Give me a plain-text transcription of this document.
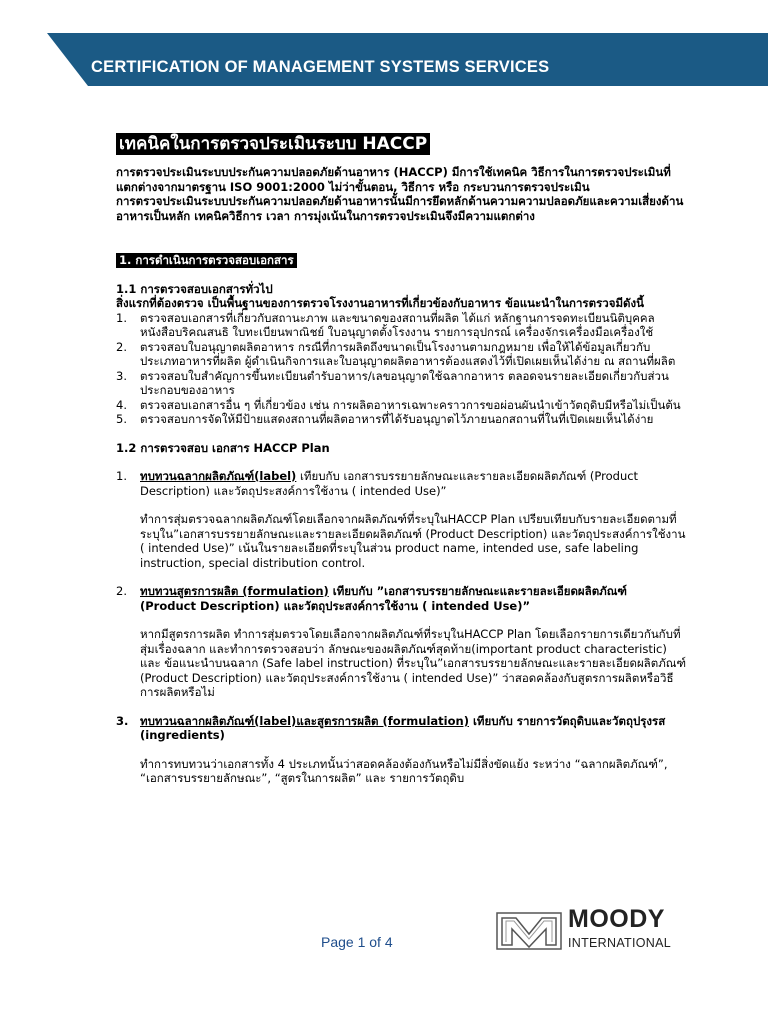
CERTIFICATION OF MANAGEMENT SYSTEMS SERVICES
เทคนิคในการตรวจประเมินระบบ HACCP

การตรวจประเมินระบบประกันความปลอดภัยด้านอาหาร (HACCP) มีการใช้เทคนิค วิธีการในการตรวจประเมินที่แตกต่างจากมาตรฐาน ISO 9001:2000 ไม่ว่าขั้นตอน, วิธีการ หรือ กระบวนการตรวจประเมิน

การตรวจประเมินระบบประกันความปลอดภัยด้านอาหารนั้นมีการยึดหลักด้านความความปลอดภัยและความเสี่ยงด้านอาหารเป็นหลัก เทคนิควิธีการ เวลา การมุ่งเน้นในการตรวจประเมินจึงมีความแตกต่าง

1. การดำเนินการตรวจสอบเอกสาร

1.1 การตรวจสอบเอกสารทั่วไป

สิ่งแรกที่ต้องตรวจ เป็นพื้นฐานของการตรวจโรงงานอาหารที่เกี่ยวข้องกับอาหาร ข้อแนะนำในการตรวจมีดังนี้

1. ตรวจสอบเอกสารที่เกี่ยวกับสถานะภาพ และขนาดของสถานที่ผลิต ได้แก่ หลักฐานการจดทะเบียนนิติบุคคล หนังสือบริคณสนธิ ใบทะเบียนพาณิชย์ ใบอนุญาตตั้งโรงงาน รายการอุปกรณ์ เครื่องจักรเครื่องมือเครื่องใช้
2. ตรวจสอบใบอนุญาตผลิตอาหาร กรณีที่การผลิตถึงขนาดเป็นโรงงานตามกฎหมาย เพื่อให้ได้ข้อมูลเกี่ยวกับประเภทอาหารที่ผลิต ผู้ดำเนินกิจการและใบอนุญาตผลิตอาหารต้องแสดงไว้ที่เปิดเผยเห็นได้ง่าย ณ สถานที่ผลิต
3. ตรวจสอบใบสำคัญการขึ้นทะเบียนตำรับอาหาร/เลขอนุญาตใช้ฉลากอาหาร ตลอดจนรายละเอียดเกี่ยวกับส่วนประกอบของอาหาร
4. ตรวจสอบเอกสารอื่น ๆ ที่เกี่ยวข้อง เช่น การผลิตอาหารเฉพาะคราวการขอผ่อนผันนำเข้าวัตถุดิบมีหรือไม่เป็นต้น
5. ตรวจสอบการจัดให้มีป้ายแสดงสถานที่ผลิตอาหารที่ได้รับอนุญาตไว้ภายนอกสถานที่ในที่เปิดเผยเห็นได้ง่าย

1.2 การตรวจสอบ เอกสาร HACCP Plan

1. ทบทวนฉลากผลิตภัณฑ์(label) เทียบกับ เอกสารบรรยายลักษณะและรายละเอียดผลิตภัณฑ์ (Product Description) และวัตถุประสงค์การใช้งาน ( intended Use)”

ทำการสุ่มตรวจฉลากผลิตภัณฑ์โดยเลือกจากผลิตภัณฑ์ที่ระบุในHACCP Plan เปรียบเทียบกับรายละเอียดตามที่ระบุใน”เอกสารบรรยายลักษณะและรายละเอียดผลิตภัณฑ์ (Product Description) และวัตถุประสงค์การใช้งาน ( intended Use)” เน้นในรายละเอียดที่ระบุในส่วน product name, intended use, safe labeling instruction, special distribution control.

2. ทบทวนสูตรการผลิต (formulation) เทียบกับ ”เอกสารบรรยายลักษณะและรายละเอียดผลิตภัณฑ์ (Product Description) และวัตถุประสงค์การใช้งาน ( intended Use)”

หากมีสูตรการผลิต ทำการสุ่มตรวจโดยเลือกจากผลิตภัณฑ์ที่ระบุในHACCP Plan โดยเลือกรายการเดียวกันกับที่สุ่มเรื่องฉลาก และทำการตรวจสอบว่า ลักษณะของผลิตภัณฑ์สุดท้าย(important product characteristic) และ ข้อแนะนำบนฉลาก (Safe label instruction) ที่ระบุใน”เอกสารบรรยายลักษณะและรายละเอียดผลิตภัณฑ์ (Product Description) และวัตถุประสงค์การใช้งาน ( intended Use)” ว่าสอดคล้องกับสูตรการผลิตหรือวิธีการผลิตหรือไม่

3. ทบทวนฉลากผลิตภัณฑ์(label)และสูตรการผลิต (formulation) เทียบกับ รายการวัตถุดิบและวัตถุปรุงรส (ingredients)

ทำการทบทวนว่าเอกสารทั้ง 4 ประเภทนั้นว่าสอดคล้องต้องกันหรือไม่มีสิ่งขัดแย้ง ระหว่าง “ฉลากผลิตภัณฑ์”, “เอกสารบรรยายลักษณะ”, “สูตรในการผลิต” และ รายการวัตถุดิบ

Page 1 of 4
MOODY
INTERNATIONAL
